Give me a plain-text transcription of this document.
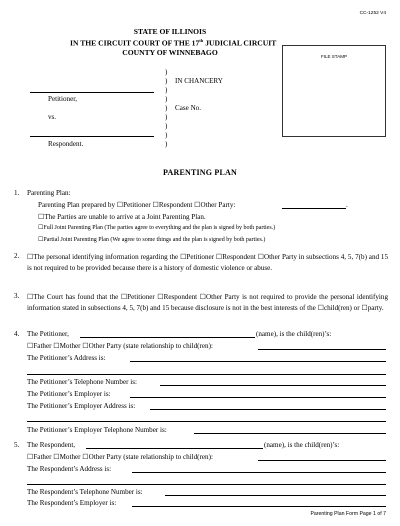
CC-1252 V4
STATE OF ILLINOIS
IN THE CIRCUIT COURT OF THE 17th JUDICIAL CIRCUIT
COUNTY OF WINNEBAGO	FILE STAMP
)
)
)
)
)
)
)
)
)
IN CHANCERY
Case No.
Petitioner,
vs.
Respondent.
PARENTING PLAN
1. Parenting Plan:
Parenting Plan prepared by ☐Petitioner ☐Respondent ☐Other Party:	.
☐The Parties are unable to arrive at a Joint Parenting Plan.
☐Full Joint Parenting Plan (The parties agree to everything and the plan is signed by both parties.)
☐Partial Joint Parenting Plan (We agree to some things and the plan is signed by both parties.)
2. ☐The personal identifying information regarding the ☐Petitioner ☐Respondent ☐Other Party in subsections 4, 5, 7(b) and 15 is not required to be provided because there is a history of domestic violence or abuse.
3. ☐The Court has found that the ☐Petitioner ☐Respondent ☐Other Party is not required to provide the personal identifying information stated in subsections 4, 5, 7(b) and 15 because disclosure is not in the best interests of the ☐child(ren) or ☐party.
4. The Petitioner,	(name), is the child(ren)’s:
☐Father ☐Mother ☐Other Party (state relationship to child(ren):
The Petitioner’s Address is:
The Petitioner’s Telephone Number is:
The Petitioner’s Employer is:
The Petitioner’s Employer Address is:
The Petitioner’s Employer Telephone Number is:
5. The Respondent,	(name), is the child(ren)’s:
☐Father ☐Mother ☐Other Party (state relationship to child(ren):
The Respondent’s Address is:
The Respondent’s Telephone Number is:
The Respondent’s Employer is:
Parenting Plan Form Page 1 of 7
